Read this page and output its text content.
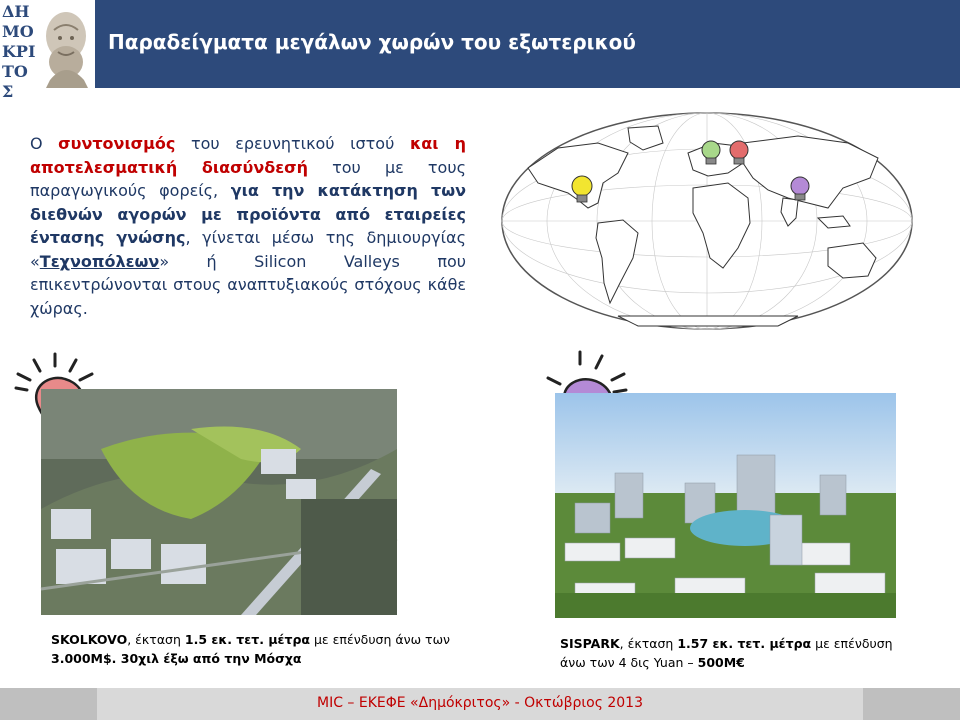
ΔΗΜΟΚΡΙΤΟΣ
Παραδείγματα μεγάλων χωρών του εξωτερικού
Ο συντονισμός του ερευνητικού ιστού και η αποτελεσματική διασύνδεσή του με τους παραγωγικούς φορείς, για την κατάκτηση των διεθνών αγορών με προϊόντα από εταιρείες έντασης γνώσης, γίνεται μέσω της δημιουργίας «Τεχνοπόλεων» ή Silicon Valleys που επικεντρώνονται στους αναπτυξιακούς στόχους κάθε χώρας.
SKOLKOVO, έκταση 1.5 εκ. τετ. μέτρα με επένδυση άνω των 3.000Μ$. 30χιλ έξω από την Μόσχα
SISPARK, έκταση 1.57 εκ. τετ. μέτρα με επένδυση άνω των 4 δις Yuan – 500Μ€
MIC – ΕΚΕΦΕ «Δημόκριτος» - Οκτώβριος 2013
